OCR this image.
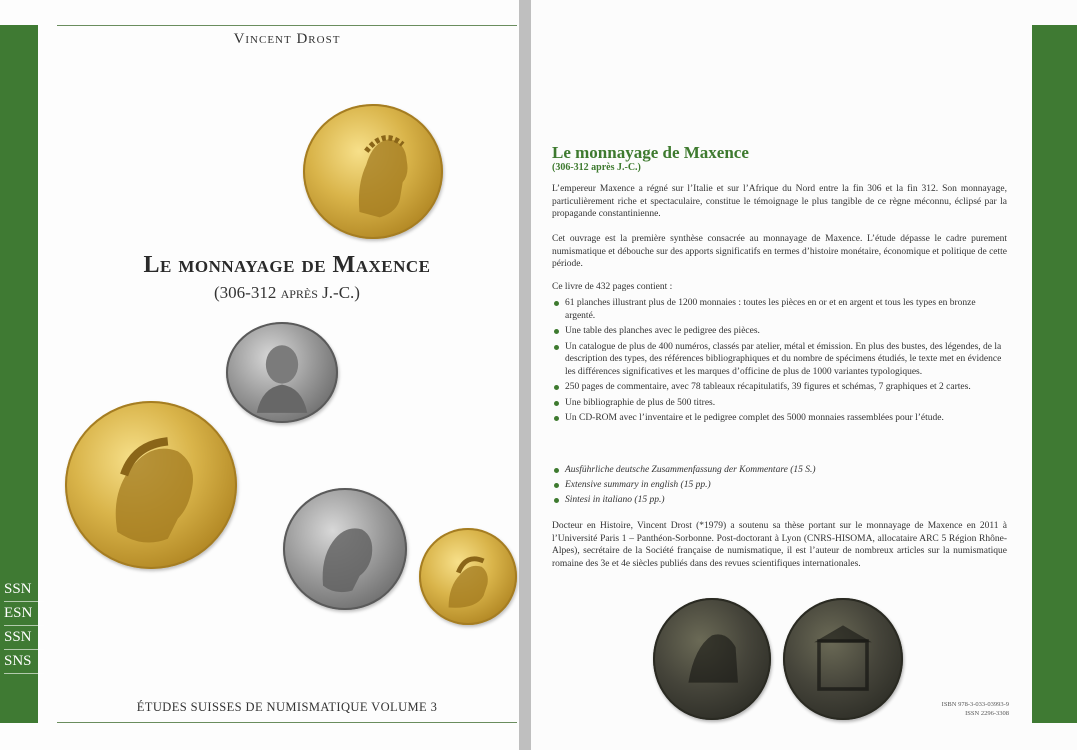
Vincent Drost
Le monnayage de Maxence
(306-312 après J.-C.)
SSN
ESN
SSN
SNS
ÉTUDES SUISSES DE NUMISMATIQUE VOLUME 3
Le monnayage de Maxence
(306-312 après J.-C.)
L’empereur Maxence a régné sur l’Italie et sur l’Afrique du Nord entre la fin 306 et la fin 312. Son monnayage, particulièrement riche et spectaculaire, constitue le témoignage le plus tangible de ce règne méconnu, éclipsé par la propagande constantinienne.
Cet ouvrage est la première synthèse consacrée au monnayage de Maxence. L’étude dépasse le cadre purement numismatique et débouche sur des apports significatifs en termes d’histoire monétaire, économique et politique de cette période.
Ce livre de 432 pages contient :
61 planches illustrant plus de 1200 monnaies : toutes les pièces en or et en argent et tous les types en bronze argenté.
Une table des planches avec le pedigree des pièces.
Un catalogue de plus de 400 numéros, classés par atelier, métal et émission. En plus des bustes, des légendes, de la description des types, des références bibliographiques et du nombre de spécimens étudiés, le texte met en évidence les différences significatives et les marques d’officine de plus de 1000 variantes typologiques.
250 pages de commentaire, avec 78 tableaux récapitulatifs, 39 figures et schémas, 7 graphiques et 2 cartes.
Une bibliographie de plus de 500 titres.
Un CD-ROM avec l’inventaire et le pedigree complet des 5000 monnaies rassemblées pour l’étude.
Ausführliche deutsche Zusammenfassung der Kommentare (15 S.)
Extensive summary in english (15 pp.)
Sintesi in italiano (15 pp.)
Docteur en Histoire, Vincent Drost (*1979) a soutenu sa thèse portant sur le monnayage de Maxence en 2011 à l’Université Paris 1 – Panthéon-Sorbonne. Post-doctorant à Lyon (CNRS-HISOMA, allocataire ARC 5 Région Rhône-Alpes), secrétaire de la Société française de numismatique, il est l’auteur de nombreux articles sur la numismatique romaine des 3e et 4e siècles publiés dans des revues scientifiques internationales.
ISBN 978-3-033-03993-9
ISSN 2296-3308
